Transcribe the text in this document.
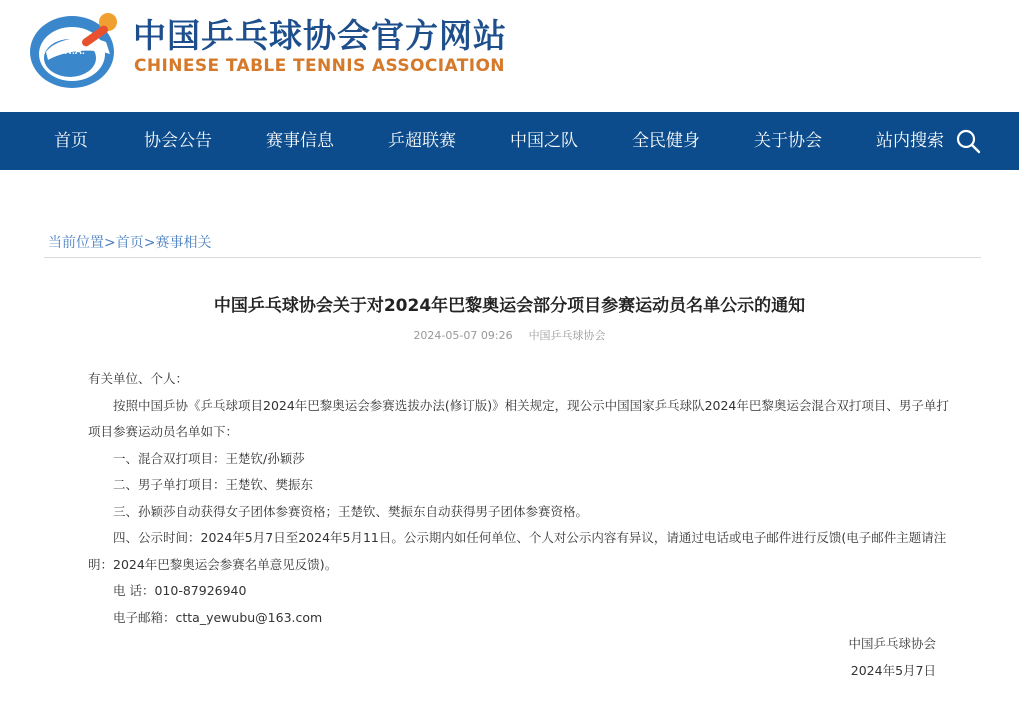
T.T.A. 中国乒乓球协会官方网站
CHINESE TABLE TENNIS ASSOCIATION
首页	协会公告	赛事信息	乒超联赛	中国之队	全民健身	关于协会	站内搜索
当前位置>首页>赛事相关
中国乒乓球协会关于对2024年巴黎奥运会部分项目参赛运动员名单公示的通知
2024-05-07 09:26 中国乒乓球协会
有关单位、个人：
按照中国乒协《乒乓球项目2024年巴黎奥运会参赛选拔办法(修订版)》相关规定，现公示中国国家乒乓球队2024年巴黎奥运会混合双打项目、男子单打
项目参赛运动员名单如下：
一、混合双打项目：王楚钦/孙颖莎
二、男子单打项目：王楚钦、樊振东
三、孙颖莎自动获得女子团体参赛资格；王楚钦、樊振东自动获得男子团体参赛资格。
四、公示时间：2024年5月7日至2024年5月11日。公示期内如任何单位、个人对公示内容有异议，请通过电话或电子邮件进行反馈(电子邮件主题请注
明：2024年巴黎奥运会参赛名单意见反馈)。
电 话：010-87926940
电子邮箱：ctta_yewubu@163.com
中国乒乓球协会
2024年5月7日
